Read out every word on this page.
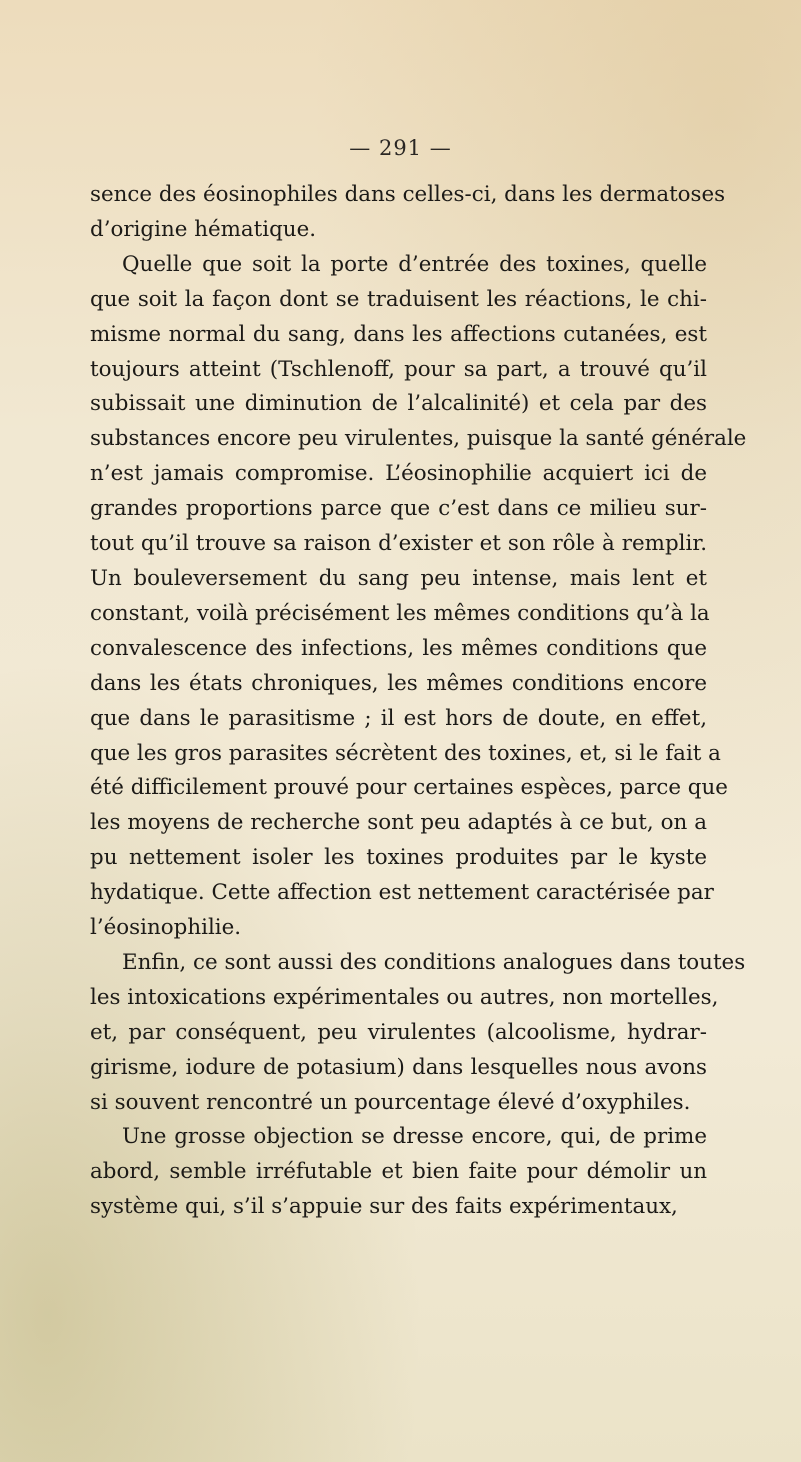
— 291 —
sence des éosinophiles dans celles-ci, dans les dermatoses
d’origine hématique.
Quelle que soit la porte d’entrée des toxines, quelle
que soit la façon dont se traduisent les réactions, le chi-
misme normal du sang, dans les affections cutanées, est
toujours atteint (Tschlenoff, pour sa part, a trouvé qu’il
subissait une diminution de l’alcalinité) et cela par des
substances encore peu virulentes, puisque la santé générale
n’est jamais compromise. L’éosinophilie acquiert ici de
grandes proportions parce que c’est dans ce milieu sur-
tout qu’il trouve sa raison d’exister et son rôle à remplir.
Un bouleversement du sang peu intense, mais lent et
constant, voilà précisément les mêmes conditions qu’à la
convalescence des infections, les mêmes conditions que
dans les états chroniques, les mêmes conditions encore
que dans le parasitisme ; il est hors de doute, en effet,
que les gros parasites sécrètent des toxines, et, si le fait a
été difficilement prouvé pour certaines espèces, parce que
les moyens de recherche sont peu adaptés à ce but, on a
pu nettement isoler les toxines produites par le kyste
hydatique. Cette affection est nettement caractérisée par
l’éosinophilie.
Enfin, ce sont aussi des conditions analogues dans toutes
les intoxications expérimentales ou autres, non mortelles,
et, par conséquent, peu virulentes (alcoolisme, hydrar-
girisme, iodure de potasium) dans lesquelles nous avons
si souvent rencontré un pourcentage élevé d’oxyphiles.
Une grosse objection se dresse encore, qui, de prime
abord, semble irréfutable et bien faite pour démolir un
système qui, s’il s’appuie sur des faits expérimentaux,
